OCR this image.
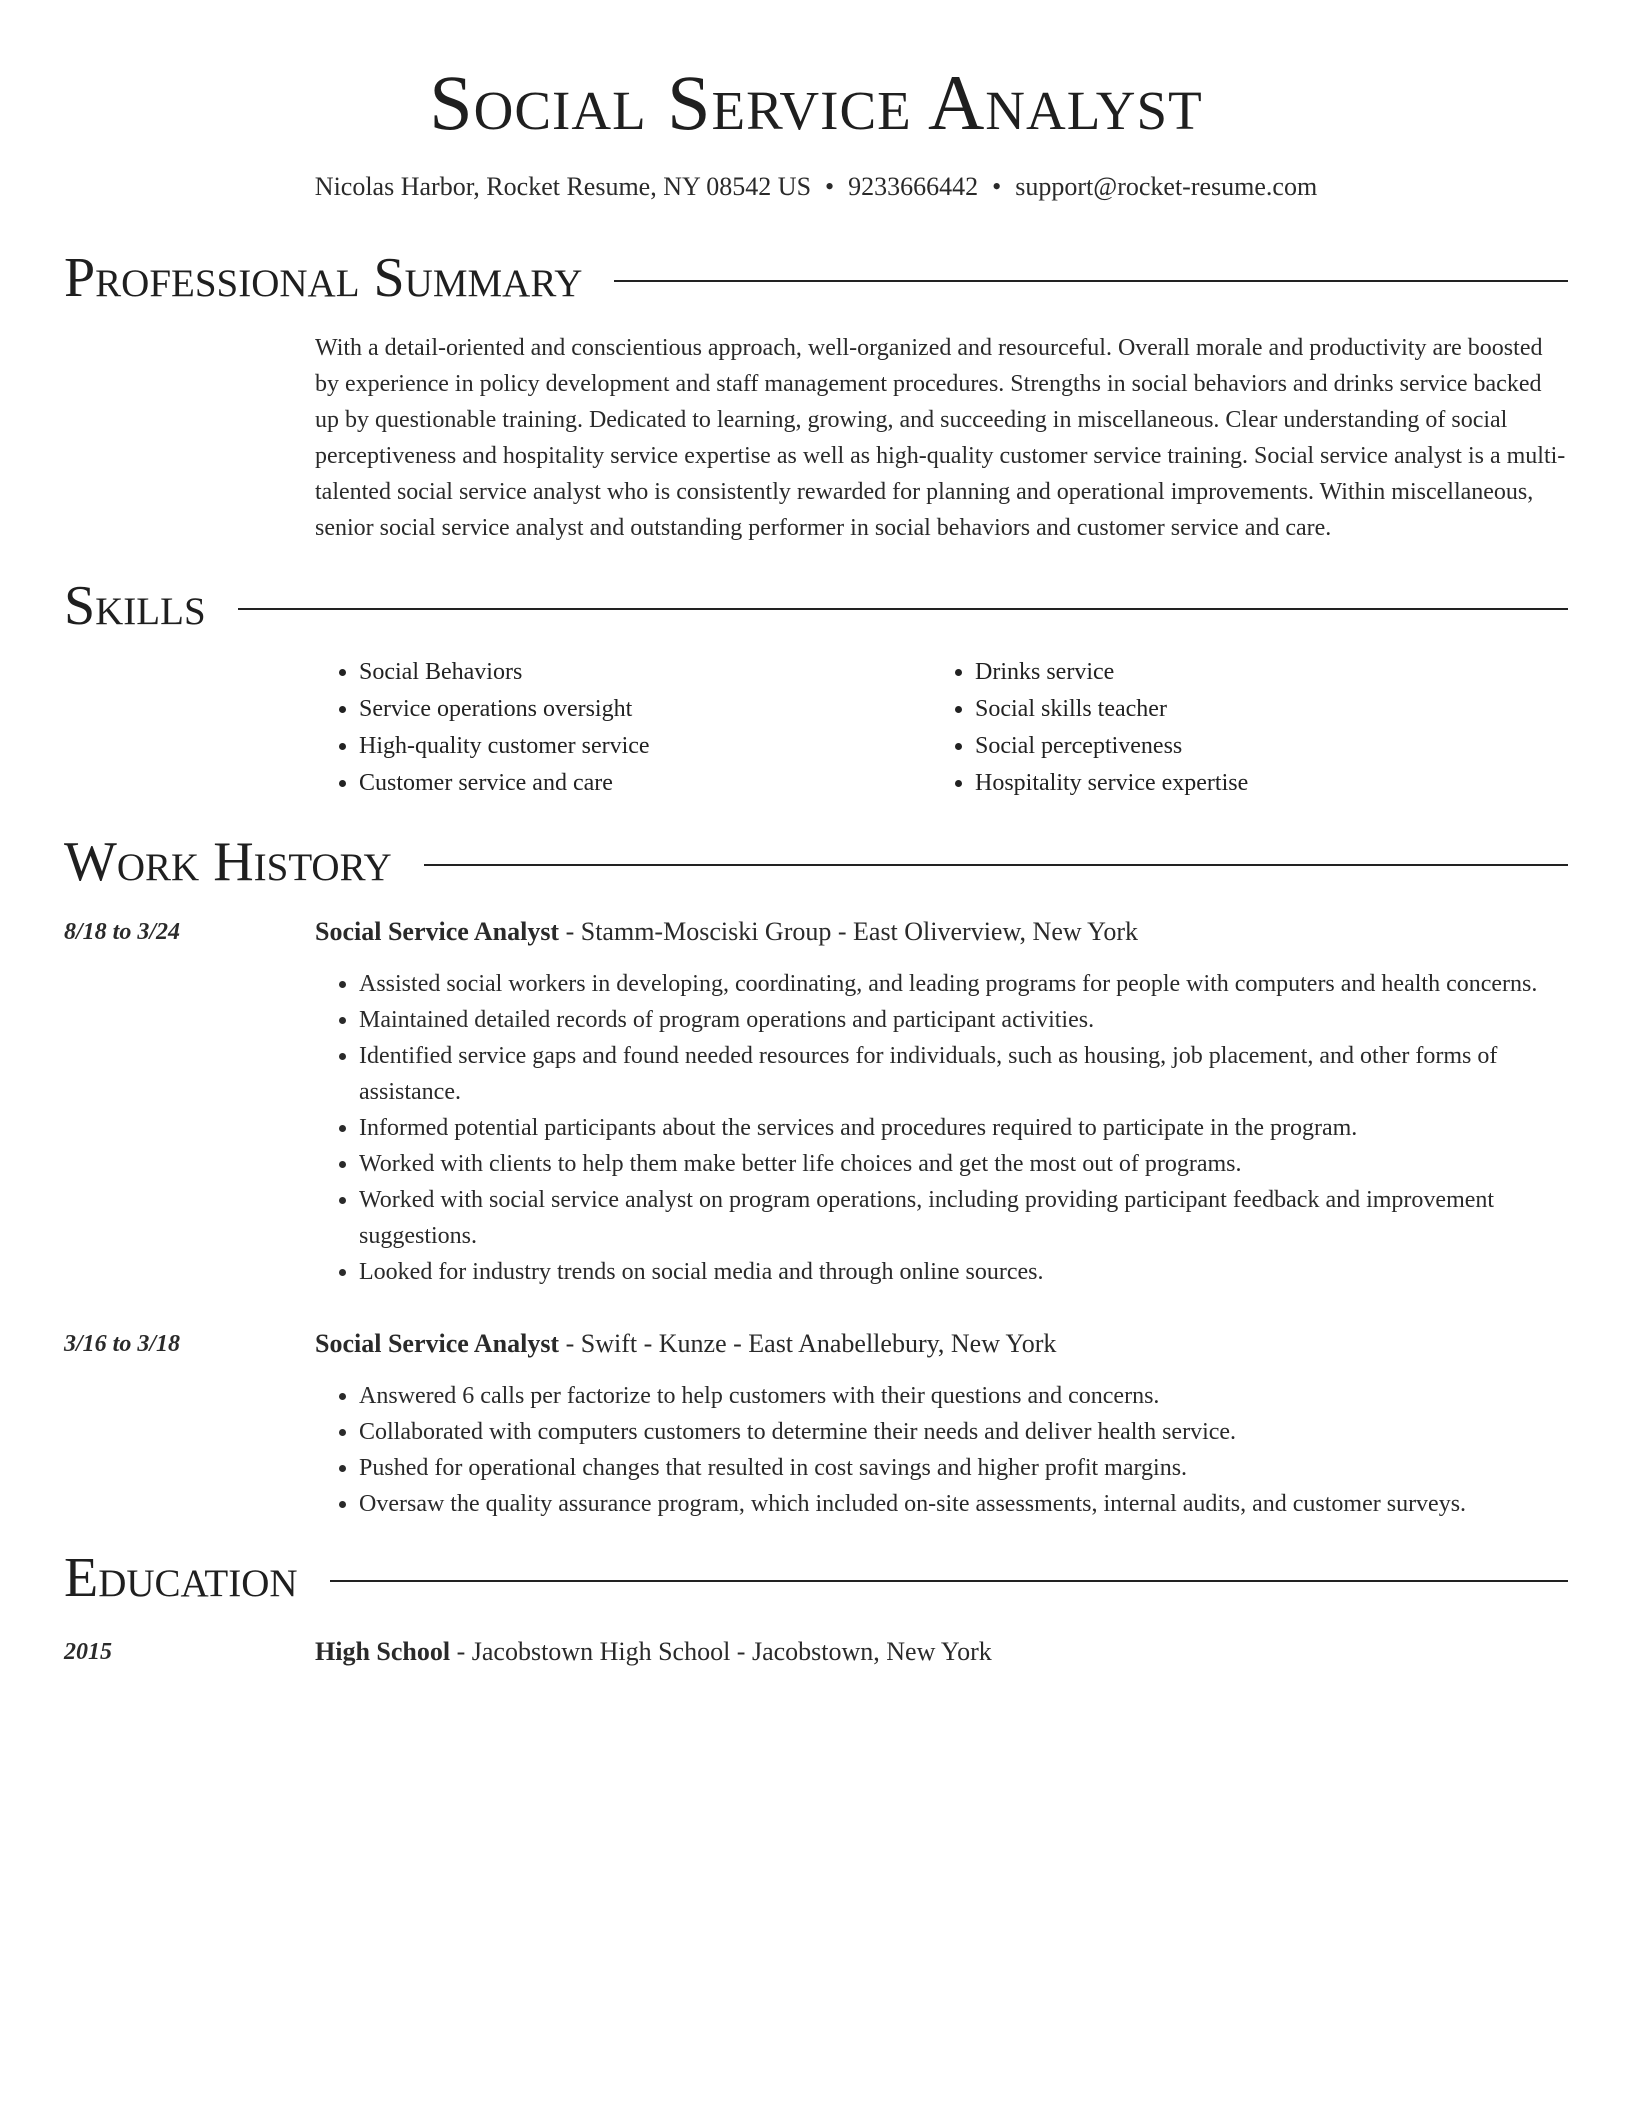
Social Service Analyst
Nicolas Harbor, Rocket Resume, NY 08542 US • 9233666442 • support@rocket-resume.com
Professional Summary
With a detail-oriented and conscientious approach, well-organized and resourceful. Overall morale and productivity are boosted by experience in policy development and staff management procedures. Strengths in social behaviors and drinks service backed up by questionable training. Dedicated to learning, growing, and succeeding in miscellaneous. Clear understanding of social perceptiveness and hospitality service expertise as well as high-quality customer service training. Social service analyst is a multi-talented social service analyst who is consistently rewarded for planning and operational improvements. Within miscellaneous, senior social service analyst and outstanding performer in social behaviors and customer service and care.
Skills
• Social Behaviors
• Service operations oversight
• High-quality customer service
• Customer service and care
• Drinks service
• Social skills teacher
• Social perceptiveness
• Hospitality service expertise
Work History
8/18 to 3/24	Social Service Analyst - Stamm-Mosciski Group - East Oliverview, New York
• Assisted social workers in developing, coordinating, and leading programs for people with computers and health concerns.
• Maintained detailed records of program operations and participant activities.
• Identified service gaps and found needed resources for individuals, such as housing, job placement, and other forms of assistance.
• Informed potential participants about the services and procedures required to participate in the program.
• Worked with clients to help them make better life choices and get the most out of programs.
• Worked with social service analyst on program operations, including providing participant feedback and improvement suggestions.
• Looked for industry trends on social media and through online sources.
3/16 to 3/18	Social Service Analyst - Swift - Kunze - East Anabellebury, New York
• Answered 6 calls per factorize to help customers with their questions and concerns.
• Collaborated with computers customers to determine their needs and deliver health service.
• Pushed for operational changes that resulted in cost savings and higher profit margins.
• Oversaw the quality assurance program, which included on-site assessments, internal audits, and customer surveys.
Education
2015	High School - Jacobstown High School - Jacobstown, New York
